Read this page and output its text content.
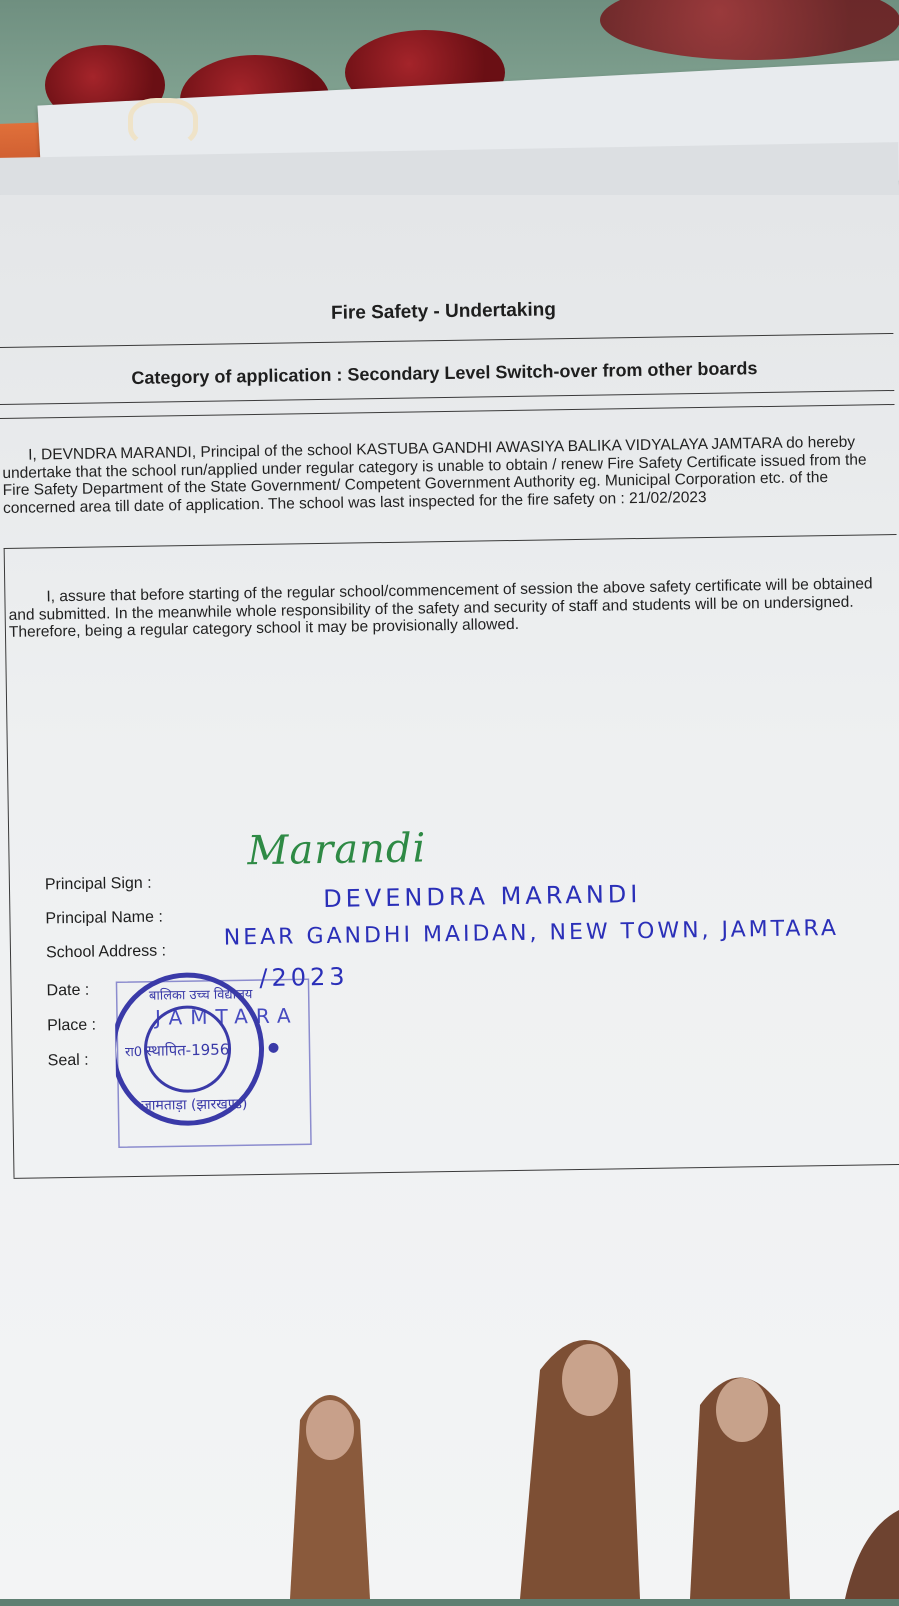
Fire Safety - Undertaking
Category of application : Secondary Level Switch-over from other boards
I, DEVNDRA MARANDI, Principal of the school KASTUBA GANDHI AWASIYA BALIKA VIDYALAYA JAMTARA do hereby undertake that the school run/applied under regular category is unable to obtain / renew Fire Safety Certificate issued from the Fire Safety Department of the State Government/ Competent Government Authority eg. Municipal Corporation etc. of the concerned area till date of application. The school was last inspected for the fire safety on : 21/02/2023
I, assure that before starting of the regular school/commencement of session the above safety certificate will be obtained and submitted. In the meanwhile whole responsibility of the safety and security of staff and students will be on undersigned. Therefore, being a regular category school it may be provisionally allowed.
Principal Sign :
Principal Name :
School Address :
Date :
Place :
Seal :
Marandi
DEVENDRA MARANDI
NEAR GANDHI MAIDAN, NEW TOWN, JAMTARA
/2023
JAMTARA
स्थापित-1956
बालिका उच्च विद्यालय
जामताड़ा (झारखण्ड)
रा0
